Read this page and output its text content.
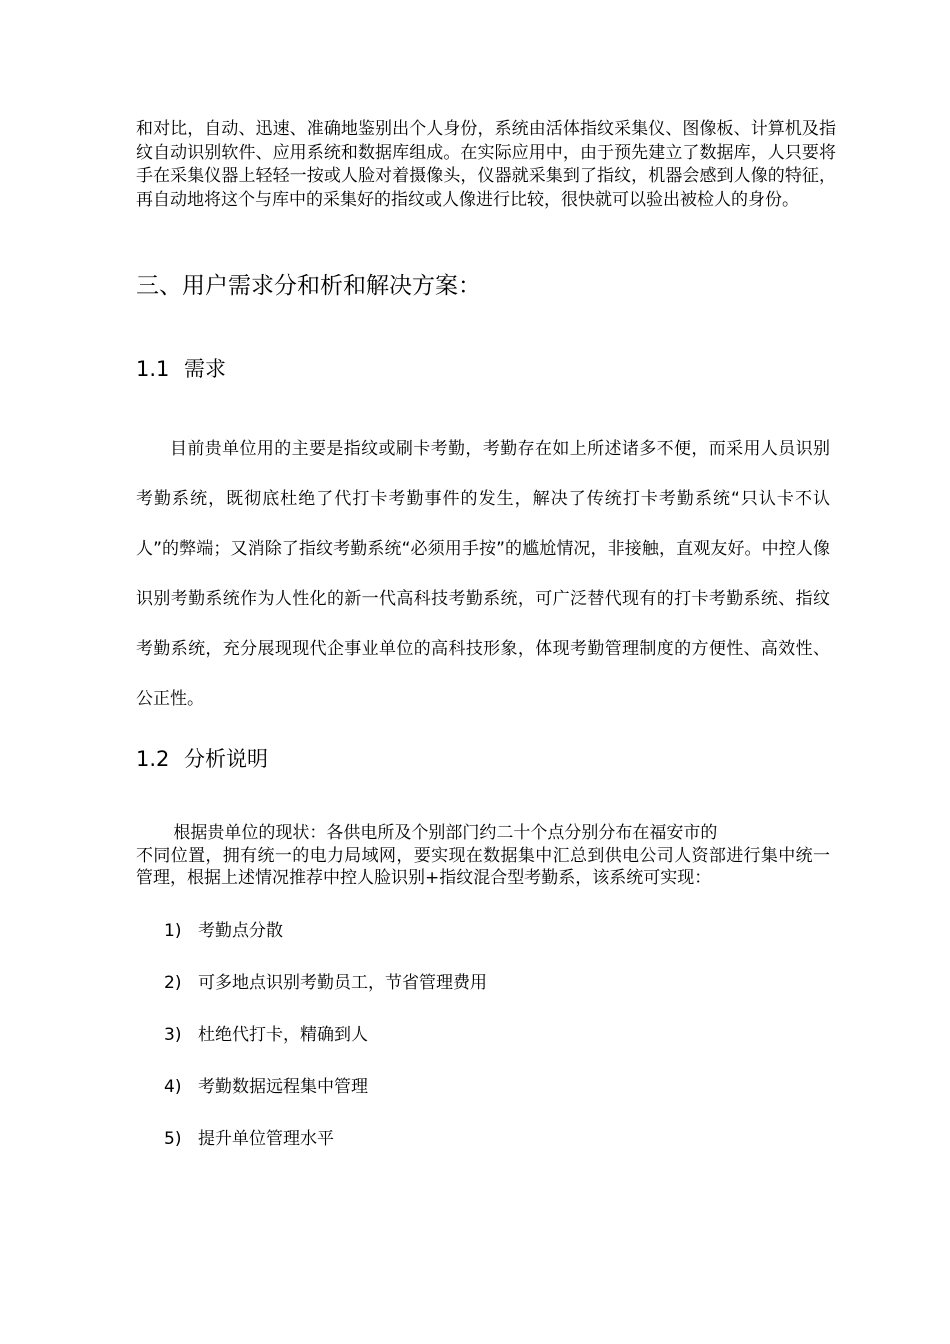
和对比，自动、迅速、准确地鉴别出个人身份，系统由活体指纹采集仪、图像板、计算机及指纹自动识别软件、应用系统和数据库组成。在实际应用中，由于预先建立了数据库，人只要将手在采集仪器上轻轻一按或人脸对着摄像头，仪器就采集到了指纹，机器会感到人像的特征，再自动地将这个与库中的采集好的指纹或人像进行比较，很快就可以验出被检人的身份。

三、用户需求分和析和解决方案：
1.1 需求

目前贵单位用的主要是指纹或刷卡考勤，考勤存在如上所述诸多不便，而采用人员识别考勤系统，既彻底杜绝了代打卡考勤事件的发生，解决了传统打卡考勤系统“只认卡不认人”的弊端；又消除了指纹考勤系统“必须用手按”的尴尬情况，非接触，直观友好。中控人像识别考勤系统作为人性化的新一代高科技考勤系统，可广泛替代现有的打卡考勤系统、指纹考勤系统，充分展现现代企事业单位的高科技形象，体现考勤管理制度的方便性、高效性、公正性。

1.2 分析说明

根据贵单位的现状：各供电所及个别部门约二十个点分别分布在福安市的
不同位置，拥有统一的电力局域网，要实现在数据集中汇总到供电公司人资部进行集中统一管理，根据上述情况推荐中控人脸识别+指纹混合型考勤系，该系统可实现：

1) 考勤点分散
2) 可多地点识别考勤员工，节省管理费用
3) 杜绝代打卡，精确到人
4) 考勤数据远程集中管理
5) 提升单位管理水平
